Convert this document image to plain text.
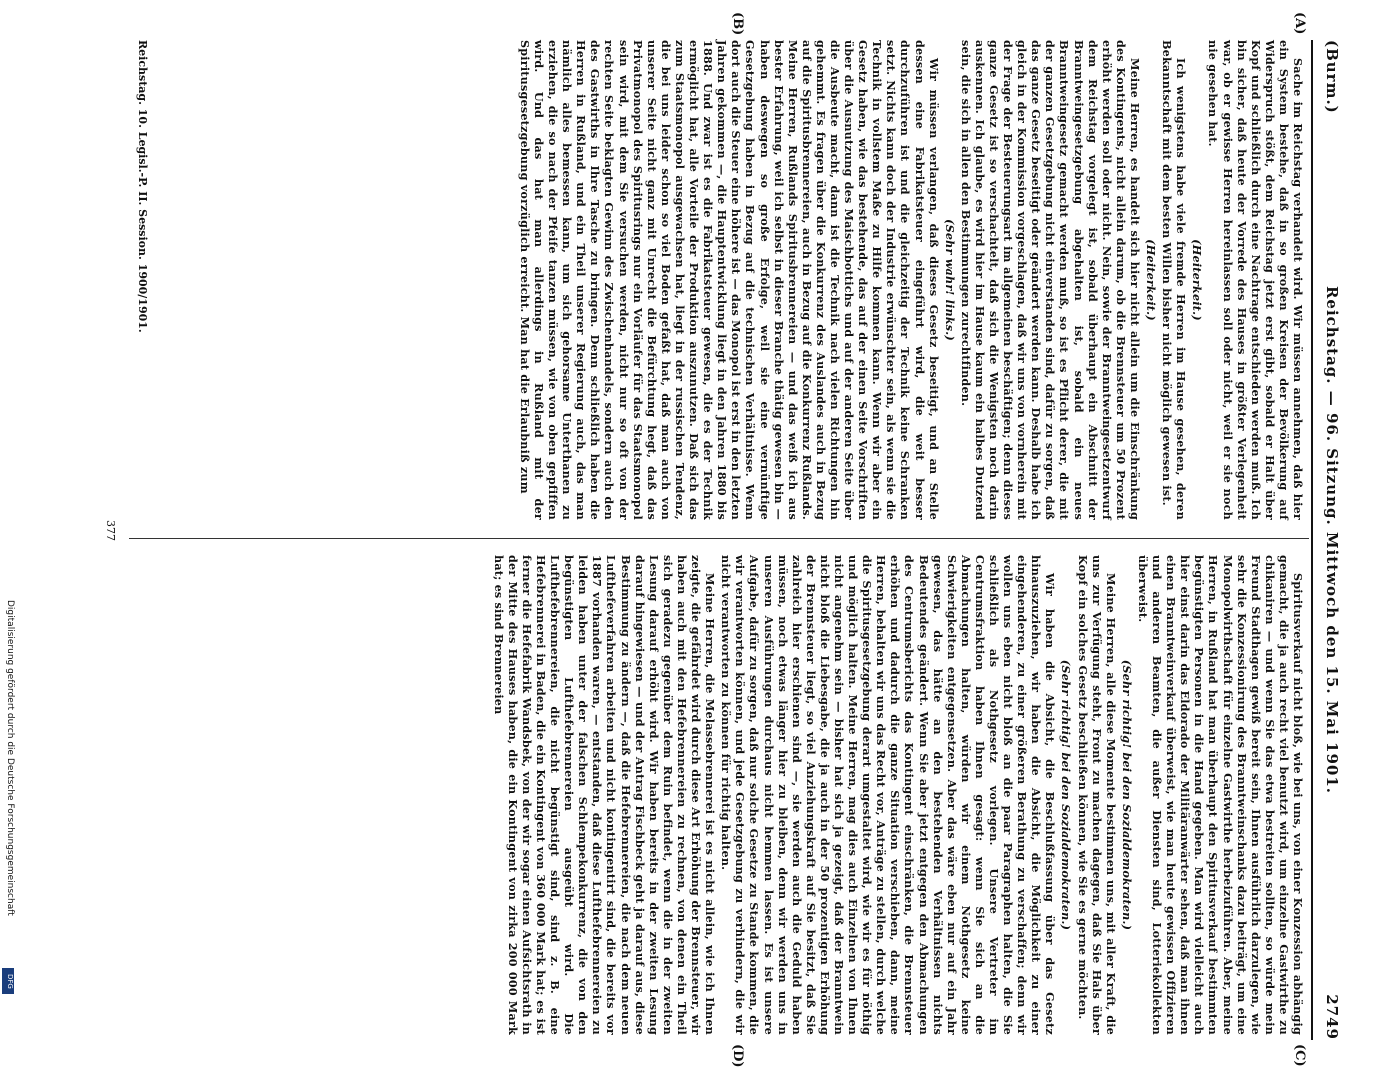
(Burm.)
Reichstag. — 96. Sitzung. Mittwoch den 15. Mai 1901.
2749
(A)
(B)
(C)
(D)

Sache im Reichstag verhandelt wird. Wir müssen annehmen, daß hier ein System bestehe, daß in so großen Kreisen der Bevölkerung auf Widerspruch stößt, dem Reichstag jetzt erst gibt, sobald er Halt über Kopf und schließlich durch eine Nachtrage entschieden werden muß. Ich bin sicher, daß heute der Vorrede des Hauses in größter Verlegenheit war, ob er gewisse Herren hereinlassen soll oder nicht, weil er sie noch nie gesehen hat.

(Heiterkeit.)

Ich wenigstens habe viele fremde Herren im Hause gesehen, deren Bekanntschaft mit dem besten Willen bisher nicht möglich gewesen ist.

(Heiterkeit.)

Meine Herren, es handelt sich hier nicht allein um die Einschränkung des Kontingents, nicht allein darum, ob die Brennsteuer um 50 Prozent erhöht werden soll oder nicht. Nein, sowie der Branntweingesetzentwurf dem Reichstag vorgelegt ist, sobald überhaupt ein Abschnitt der Branntweingesetzgebung abgehalten ist, sobald ein neues Branntweingesetz gemacht werden muß, so ist es Pflicht derer, die mit der ganzen Gesetzgebung nicht einverstanden sind, dafür zu sorgen, daß das ganze Gesetz beseitigt oder geändert werden kann. Deshalb habe ich gleich in der Kommission vorgeschlagen, daß wir uns von vornherein mit der Frage der Besteuerungsart im allgemeinen beschäftigen; denn dieses ganze Gesetz ist so verschachtelt, daß sich die Wenigsten noch darin auskennen. Ich glaube, es wird hier im Hause kaum ein halbes Dutzend sein, die sich in allen den Bestimmungen zurechtfinden.

(Sehr wahr! links.)

Wir müssen verlangen, daß dieses Gesetz beseitigt, und an Stelle dessen eine Fabrikatsteuer eingeführt wird, die weit besser durchzuführen ist und die gleichzeitig der Technik keine Schranken setzt. Nichts kann doch der Industrie erwünschter sein, als wenn sie die Technik in vollstem Maße zu Hilfe kommen kann. Wenn wir aber ein Gesetz haben, wie das bestehende, das auf der einen Seite Vorschriften über die Ausnutzung des Maischbottichs und auf der anderen Seite über die Ausbeute macht, dann ist die Technik nach vielen Richtungen hin gehemmt. Es fragen über die Konkurrenz des Auslandes auch in Bezug auf die Spiritusbrennereien, auch in Bezug auf die Konkurrenz Rußlands. Meine Herren, Rußlands Spiritusbrennereien — und das weiß ich aus bester Erfahrung, weil ich selbst in dieser Branche thätig gewesen bin — haben deswegen so große Erfolge, weil sie eine vernünftige Gesetzgebung haben in Bezug auf die technischen Verhältnisse. Wenn dort auch die Steuer eine höhere ist — das Monopol ist erst in den letzten Jahren gekommen —, die Hauptentwicklung liegt in den Jahren 1880 bis 1888. Und zwar ist es die Fabrikatsteuer gewesen, die es der Technik ermöglicht hat, alle Vorteile der Produktion auszunutzen. Daß sich das zum Staatsmonopol ausgewachsen hat, liegt in der russischen Tendenz, die bei uns leider schon so viel Boden gefaßt hat, daß man auch von unserer Seite nicht ganz mit Unrecht die Befürchtung hegt, daß das Privatmonopol des Spiritusrings nur ein Vorläufer für das Staatsmonopol sein wird, mit dem Sie versuchen werden, nicht nur so oft von der rechten Seite beklagten Gewinn des Zwischenhandels, sondern auch den des Gastwirths in Ihre Tasche zu bringen. Denn schließlich haben die Herren in Rußland, und ein Theil unserer Regierung auch, das man nämlich alles bemessen kann, um sich gehorsame Unterthanen zu erziehen, die so nach der Pfeife tanzen müssen, wie von oben gepfiffen wird. Und das hat man allerdings in Rußland mit der Spiritusgesetzgebung vorzüglich erreicht. Man hat die Erlaubniß zum

Spiritusverkauf nicht bloß, wie bei uns, von einer Konzession abhängig gemacht, die ja auch recht viel benutzt wird, um einzelne Gastwirthe zu chikaniren — und wenn Sie das etwa bestreiten sollten, so würde mein Freund Stadthagen gewiß bereit sein, Ihnen ausführlich darzulegen, wie sehr die Konzessionirung des Branntweinschanks dazu beiträgt, um eine Monopolwirthschaft für einzelne Gastwirthe herbeizuführen. Aber, meine Herren, in Rußland hat man überhaupt den Spiritusverkauf bestimmten begünstigten Personen in die Hand gegeben. Man wird vielleicht auch hier einst darin das Eldorado der Militäranwärter sehen, daß man ihnen einen Branntweinverkauf überweist, wie man heute gewissen Offizieren und anderen Beamten, die außer Diensten sind, Lotteriekollekten überweist.

(Sehr richtig! bei den Sozialdemokraten.)

Meine Herren, alle diese Momente bestimmen uns, mit aller Kraft, die uns zur Verfügung steht, Front zu machen dagegen, daß Sie Hals über Kopf ein solches Gesetz beschließen können, wie Sie es gerne möchten.

(Sehr richtig! bei den Sozialdemokraten.)

Wir haben die Absicht, die Beschlußfassung über das Gesetz hinauszuziehen, wir haben die Absicht, die Möglichkeit zu einer eingehenderen, zu einer größeren Berathung zu verschaffen; denn wir wollen uns eben nicht bloß an die paar Paragraphen halten, die Sie schließlich als Nothgesetz vorlegen. Unsere Vertreter im Centrumsfraktion haben Ihnen gesagt: wenn Sie sich an die Abmachungen halten, würden wir einem Nothgesetz keine Schwierigkeiten entgegensetzen. Aber das wäre eben nur auf ein Jahr gewesen, das hätte an den bestehenden Verhältnissen nichts Bedeutendes geändert. Wenn Sie aber jetzt entgegen den Abmachungen des Centrumsberichts das Kontingent einschränken, die Brennsteuer erhöhen und dadurch die ganze Situation verschieben, dann, meine Herren, behalten wir uns das Recht vor, Anträge zu stellen, durch welche die Spiritusgesetzgebung derart umgestaltet wird, wie wir es für nöthig und möglich halten. Meine Herren, mag dies auch Einzelnen von Ihnen nicht angenehm sein — bisher hat sich ja gezeigt, daß der Branntwein nicht bloß die Liebesgabe, die ja auch in der 50 prozentigen Erhöhung der Brennsteuer liegt, so viel Anziehungskraft auf Sie besitzt, daß Sie zahlreich hier erschienen sind —, sie werden auch die Geduld haben müssen, noch etwas länger hier zu bleiben, denn wir werden uns in unseren Ausführungen durchaus nicht hemmen lassen. Es ist unsere Aufgabe, dafür zu sorgen, daß nur solche Gesetze zu Stande kommen, die wir verantworten können, und jede Gesetzgebung zu verhindern, die wir nicht verantworten zu können für richtig halten.

Meine Herren, die Melassebrennerei ist es nicht allein, wie ich Ihnen zeigte, die gefährdet wird durch diese Art Erhöhung der Brennsteuer, wir haben auch mit den Hefebrennereien zu rechnen, von denen ein Theil sich geradezu gegenüber dem Ruin befindet, wenn die in der zweiten Lesung darauf erhöht wird. Wir haben bereits in der zweiten Lesung darauf hingewiesen — und der Antrag Fischbeck geht ja darauf aus, diese Bestimmung zu ändern —, daß die Hefebrennereien, die nach dem neuen Lufthefeverfahren arbeiten und nicht kontingentirt sind, die bereits vor 1887 vorhanden waren, — entstanden, daß diese Lufthefebrennereien zu leiden haben unter der falschen Schlempekonkurrenz, die von den begünstigten Lufthefebrennereien ausgeübt wird. Die Lufthefebrennereien, die nicht begünstigt sind, sind z. B. eine Hefebrennerei in Baden, die ein Kontingent von 360 000 Mark hat; es ist ferner die Hefefabrik Wandsbek, von der wir sogar einen Aufsichtsrath in der Mitte des Hauses haben, die ein Kontingent von zirka 200 000 Mark hat; es sind Brennereien

Reichstag. 10. Legisl.-P. II. Session. 1900/1901.
377
Digitalisierung gefördert durch die Deutsche Forschungsgemeinschaft
DFG
